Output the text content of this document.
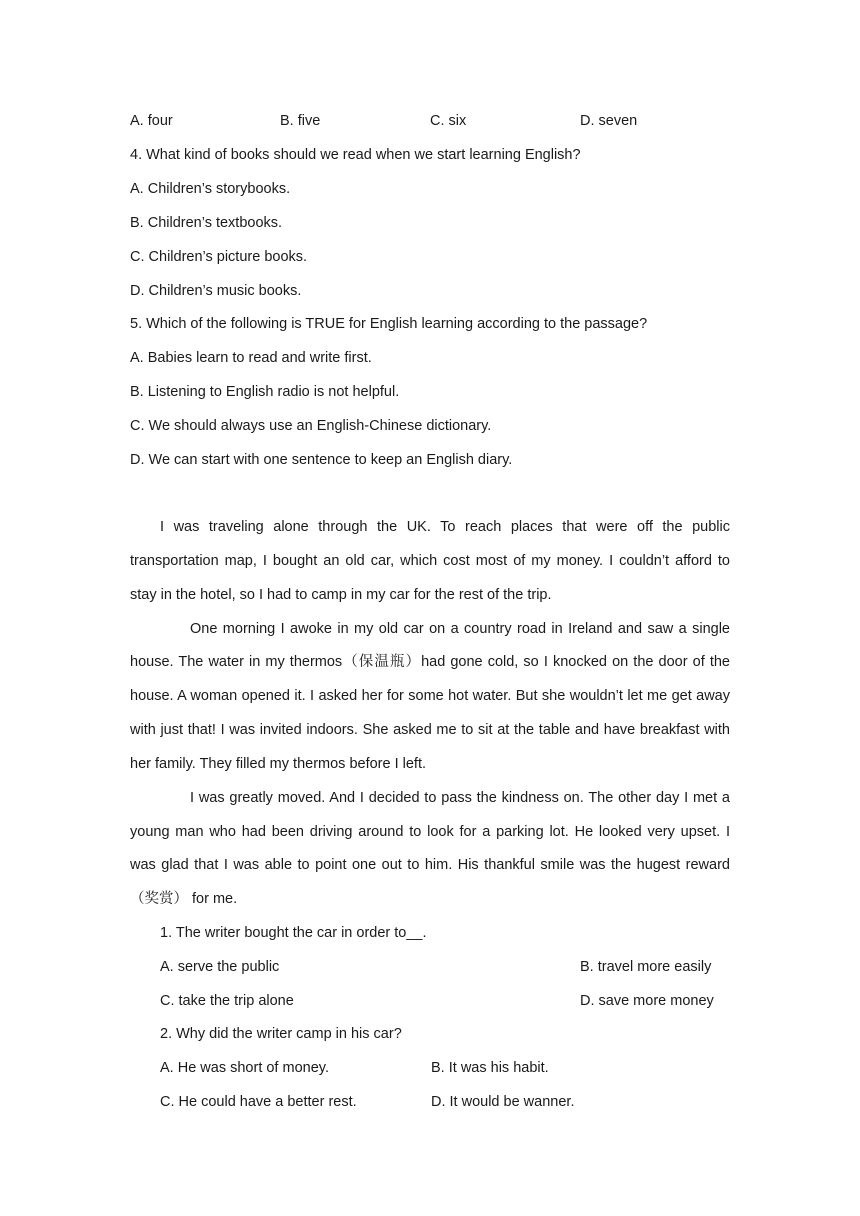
A. four	B. five	C. six	D. seven
4. What kind of books should we read when we start learning English?
A. Children’s storybooks.
B. Children’s textbooks.
C. Children’s picture books.
D. Children’s music books.
5. Which of the following is TRUE for English learning according to the passage?
A. Babies learn to read and write first.
B. Listening to English radio is not helpful.
C. We should always use an English-Chinese dictionary.
D. We can start with one sentence to keep an English diary.
I was traveling alone through the UK. To reach places that were off the public
transportation map, I bought an old car, which cost most of my money. I couldn’t afford to
stay in the hotel, so I had to camp in my car for the rest of the trip.
One morning I awoke in my old car on a country road in Ireland and saw a single
house. The water in my thermos（保温瓶）had gone cold, so I knocked on the door of the
house. A woman opened it. I asked her for some hot water. But she wouldn’t let me get away
with just that! I was invited indoors. She asked me to sit at the table and have breakfast with
her family. They filled my thermos before I left.
I was greatly moved. And I decided to pass the kindness on. The other day I met a
young man who had been driving around to look for a parking lot. He looked very upset. I
was glad that I was able to point one out to him. His thankful smile was the hugest reward
（奖赏） for me.
1. The writer bought the car in order to__.
A. serve the public	B. travel more easily
C. take the trip alone	D. save more money
2. Why did the writer camp in his car?
A. He was short of money.	B. It was his habit.
C. He could have a better rest.	D. It would be wanner.
